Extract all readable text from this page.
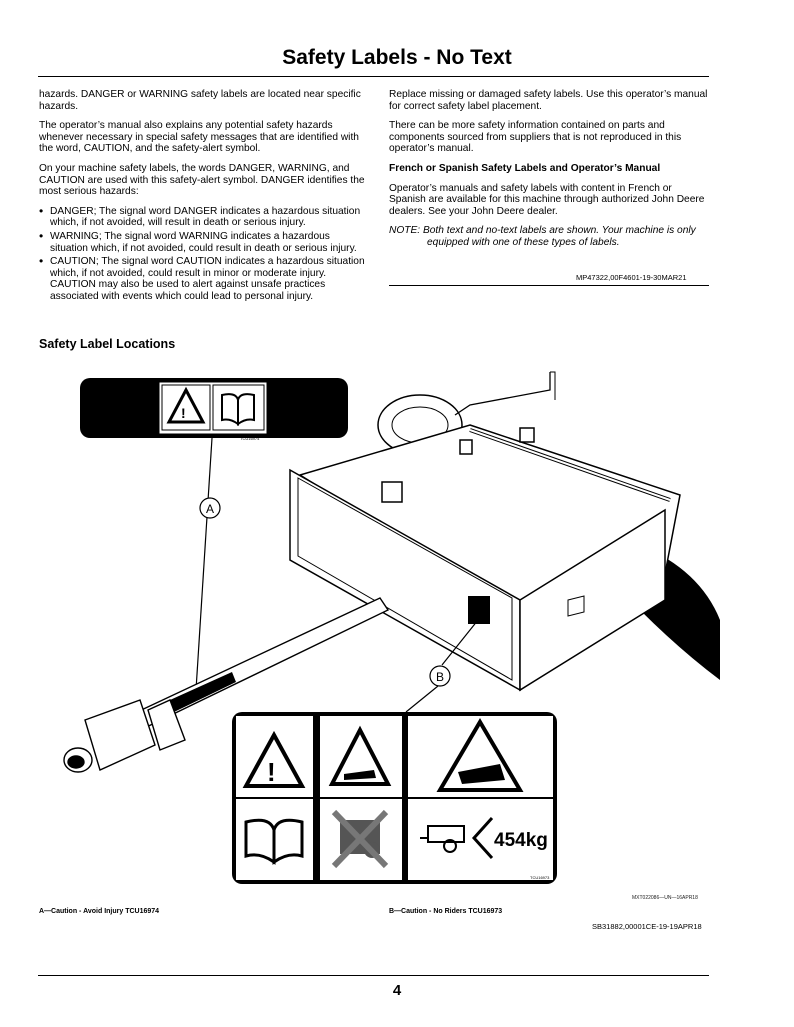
Safety Labels - No Text

hazards. DANGER or WARNING safety labels are located near specific hazards.

The operator’s manual also explains any potential safety hazards whenever necessary in special safety messages that are identified with the word, CAUTION, and the safety-alert symbol.

On your machine safety labels, the words DANGER, WARNING, and CAUTION are used with this safety-alert symbol. DANGER identifies the most serious hazards:

• DANGER; The signal word DANGER indicates a hazardous situation which, if not avoided, will result in death or serious injury.
• WARNING; The signal word WARNING indicates a hazardous situation which, if not avoided, could result in death or serious injury.
• CAUTION; The signal word CAUTION indicates a hazardous situation which, if not avoided, could result in minor or moderate injury. CAUTION may also be used to alert against unsafe practices associated with events which could lead to personal injury.

Replace missing or damaged safety labels. Use this operator’s manual for correct safety label placement.

There can be more safety information contained on parts and components sourced from suppliers that is not reproduced in this operator’s manual.

French or Spanish Safety Labels and Operator’s Manual

Operator’s manuals and safety labels with content in French or Spanish are available for this machine through authorized John Deere dealers. See your John Deere dealer.

NOTE: Both text and no-text labels are shown. Your machine is only equipped with one of these types of labels.

MP47322,00F4601-19-30MAR21
Safety Label Locations
!
TCU16974
A
B
!
454kg
TCU16973
MXT022086—UN—16APR18
A—Caution - Avoid Injury TCU16974	B—Caution - No Riders TCU16973
SB31882,00001CE-19-19APR18
4
